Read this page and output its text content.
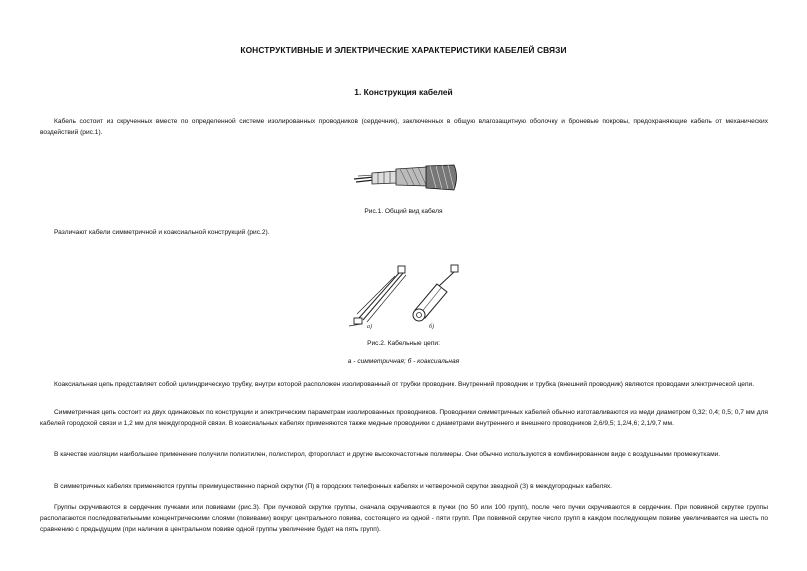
КОНСТРУКТИВНЫЕ И ЭЛЕКТРИЧЕСКИЕ ХАРАКТЕРИСТИКИ КАБЕЛЕЙ СВЯЗИ
1. Конструкция кабелей
Кабель состоит из скрученных вместе по определенной системе изолированных проводников (сердечник), заключенных в общую влагозащитную оболочку и броневые покровы, предохраняющие кабель от механических воздействий (рис.1).
Рис.1. Общий вид кабеля
Различают кабели симметричной и коаксиальной конструкций (рис.2).
а)	б)
Рис.2. Кабельные цепи:
а - симметричная; б - коаксиальная
Коаксиальная цепь представляет собой цилиндрическую трубку, внутри которой расположен изолированный от трубки проводник. Внутренний проводник и трубка (внешний проводник) являются проводами электрической цепи.
Симметричная цепь состоит из двух одинаковых по конструкции и электрическим параметрам изолированных проводников. Проводники симметричных кабелей обычно изготавливаются из меди диаметром 0,32; 0,4; 0,5; 0,7 мм для кабелей городской связи и 1,2 мм для междугородной связи. В коаксиальных кабелях применяются также медные проводники с диаметрами внутреннего и внешнего проводников 2,6/9,5; 1,2/4,6; 2,1/9,7 мм.
В качестве изоляции наибольшее применение получили полиэтилен, полистирол, фторопласт и другие высокочастотные полимеры. Они обычно используются в комбинированном виде с воздушными промежутками.
В симметричных кабелях применяются группы преимущественно парной скрутки (П) в городских телефонных кабелях и четверочной скрутки звездной (З) в междугородных кабелях.
Группы скручиваются в сердечник пучками или повивами (рис.3). При пучковой скрутке группы, сначала скручиваются в пучки (по 50 или 100 групп), после чего пучки скручиваются в сердечник. При повивной скрутке группы располагаются последовательными концентрическими слоями (повивами) вокруг центрального повива, состоящего из одной - пяти групп. При повивной скрутке число групп в каждом последующем повиве увеличивается на шесть по сравнению с предыдущим (при наличии в центральном повиве одной группы увеличение будет на пять групп).
